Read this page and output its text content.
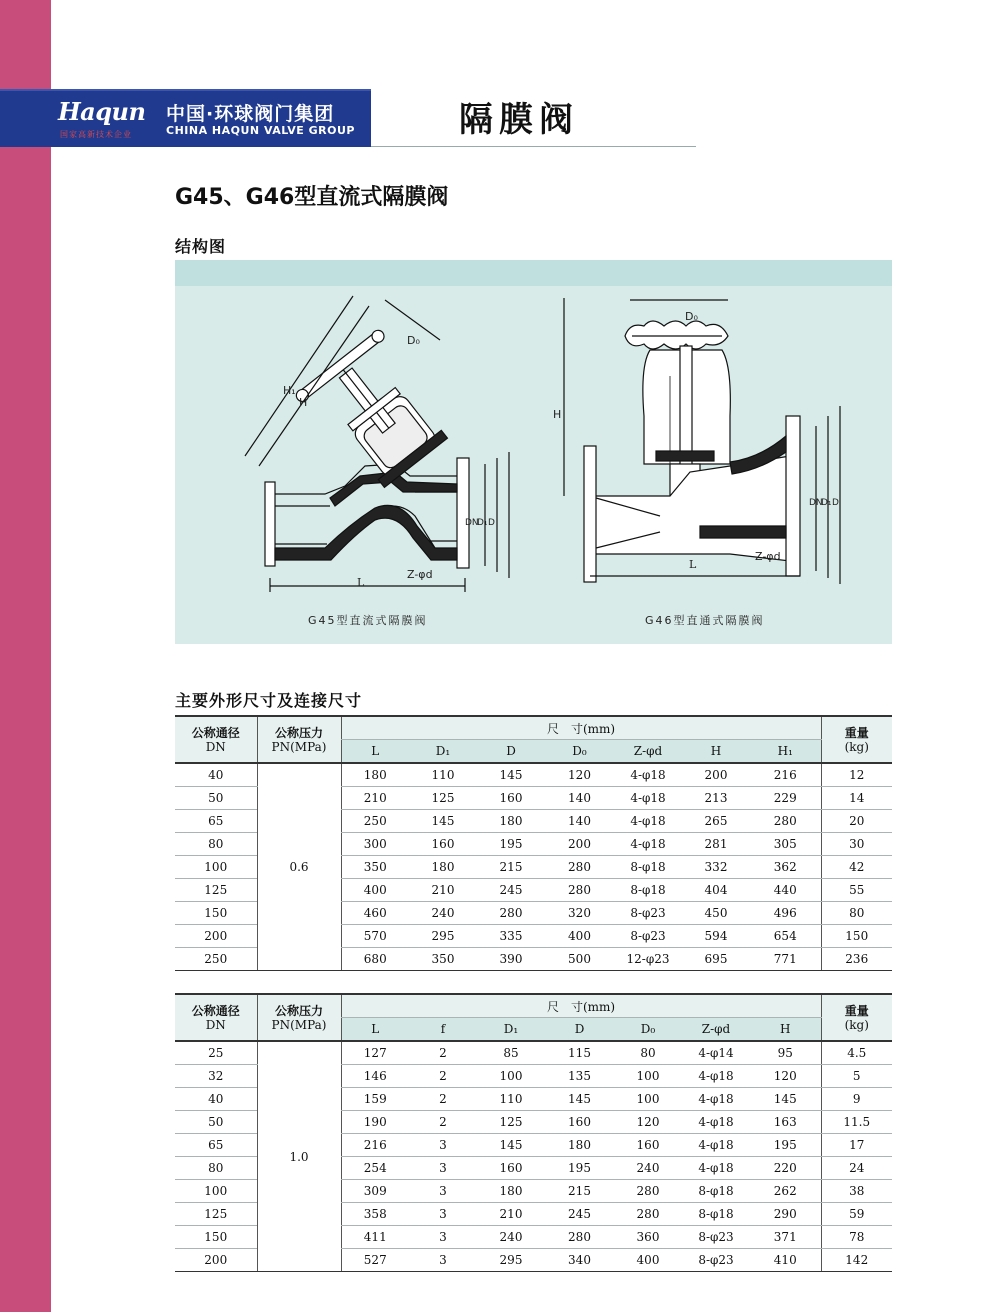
Haqun
国家高新技术企业
中国·环球阀门集团
CHINA HAQUN VALVE GROUP	隔膜阀
G45、G46型直流式隔膜阀
结构图
L
Z-φd
D₀
H₁
H
DN
D₁ D
G45型直流式隔膜阀
D₀
H
L
Z-φd
DN
D₁ D
G46型直通式隔膜阀
主要外形尺寸及连接尺寸
公称通径
DN	公称压力
PN(MPa)	尺　寸(mm)							重量
(kg)

		L	D₁	D	D₀	Z-φd	H	H₁	
40	0.6	180	110	145	120	4-φ18	200	216	12
50		210	125	160	140	4-φ18	213	229	14
65		250	145	180	140	4-φ18	265	280	20
80		300	160	195	200	4-φ18	281	305	30
100		350	180	215	280	8-φ18	332	362	42
125		400	210	245	280	8-φ18	404	440	55
150		460	240	280	320	8-φ23	450	496	80
200		570	295	335	400	8-φ23	594	654	150
250		680	350	390	500	12-φ23	695	771	236
公称通径
DN	公称压力
PN(MPa)	尺　寸(mm)							重量
(kg)

		L	f	D₁	D	D₀	Z-φd	H	
25	1.0	127	2	85	115	80	4-φ14	95	4.5
32		146	2	100	135	100	4-φ18	120	5
40		159	2	110	145	100	4-φ18	145	9
50		190	2	125	160	120	4-φ18	163	11.5
65		216	3	145	180	160	4-φ18	195	17
80		254	3	160	195	240	4-φ18	220	24
100		309	3	180	215	280	8-φ18	262	38
125		358	3	210	245	280	8-φ18	290	59
150		411	3	240	280	360	8-φ23	371	78
200		527	3	295	340	400	8-φ23	410	142
